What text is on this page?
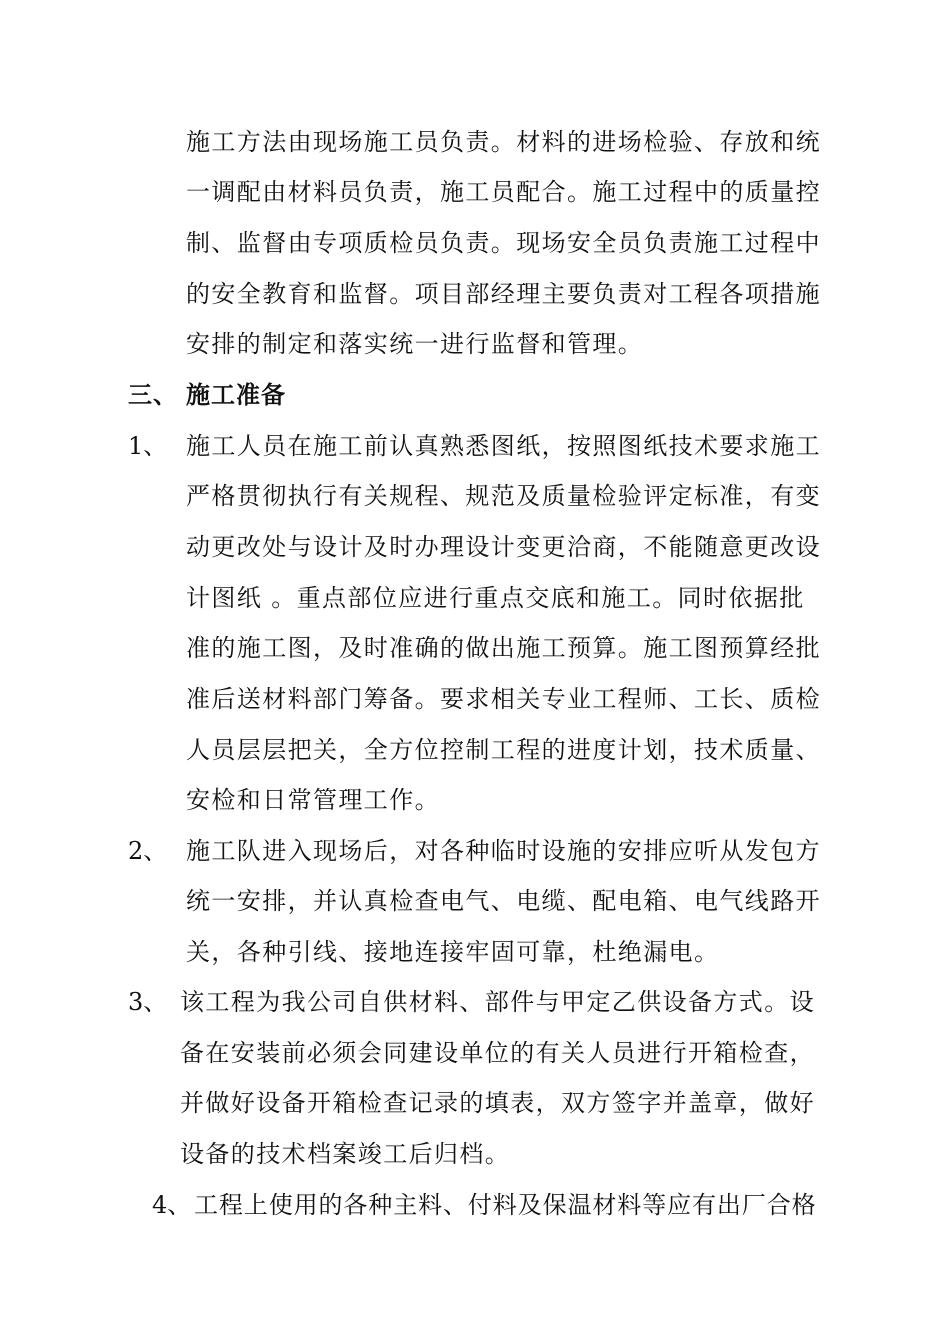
施工方法由现场施工员负责。材料的进场检验、存放和统
一调配由材料员负责，施工员配合。施工过程中的质量控
制、监督由专项质检员负责。现场安全员负责施工过程中
的安全教育和监督。项目部经理主要负责对工程各项措施
安排的制定和落实统一进行监督和管理。
三、 施工准备
1、 施工人员在施工前认真熟悉图纸，按照图纸技术要求施工
严格贯彻执行有关规程、规范及质量检验评定标准，有变
动更改处与设计及时办理设计变更洽商，不能随意更改设
计图纸 。重点部位应进行重点交底和施工。同时依据批
准的施工图，及时准确的做出施工预算。施工图预算经批
准后送材料部门筹备。要求相关专业工程师、工长、质检
人员层层把关，全方位控制工程的进度计划，技术质量、
安检和日常管理工作。
2、 施工队进入现场后，对各种临时设施的安排应听从发包方
统一安排，并认真检查电气、电缆、配电箱、电气线路开
关，各种引线、接地连接牢固可靠，杜绝漏电。
3、 该工程为我公司自供材料、部件与甲定乙供设备方式。设
备在安装前必须会同建设单位的有关人员进行开箱检查，
并做好设备开箱检查记录的填表，双方签字并盖章，做好
设备的技术档案竣工后归档。
4、 工程上使用的各种主料、付料及保温材料等应有出厂合格
